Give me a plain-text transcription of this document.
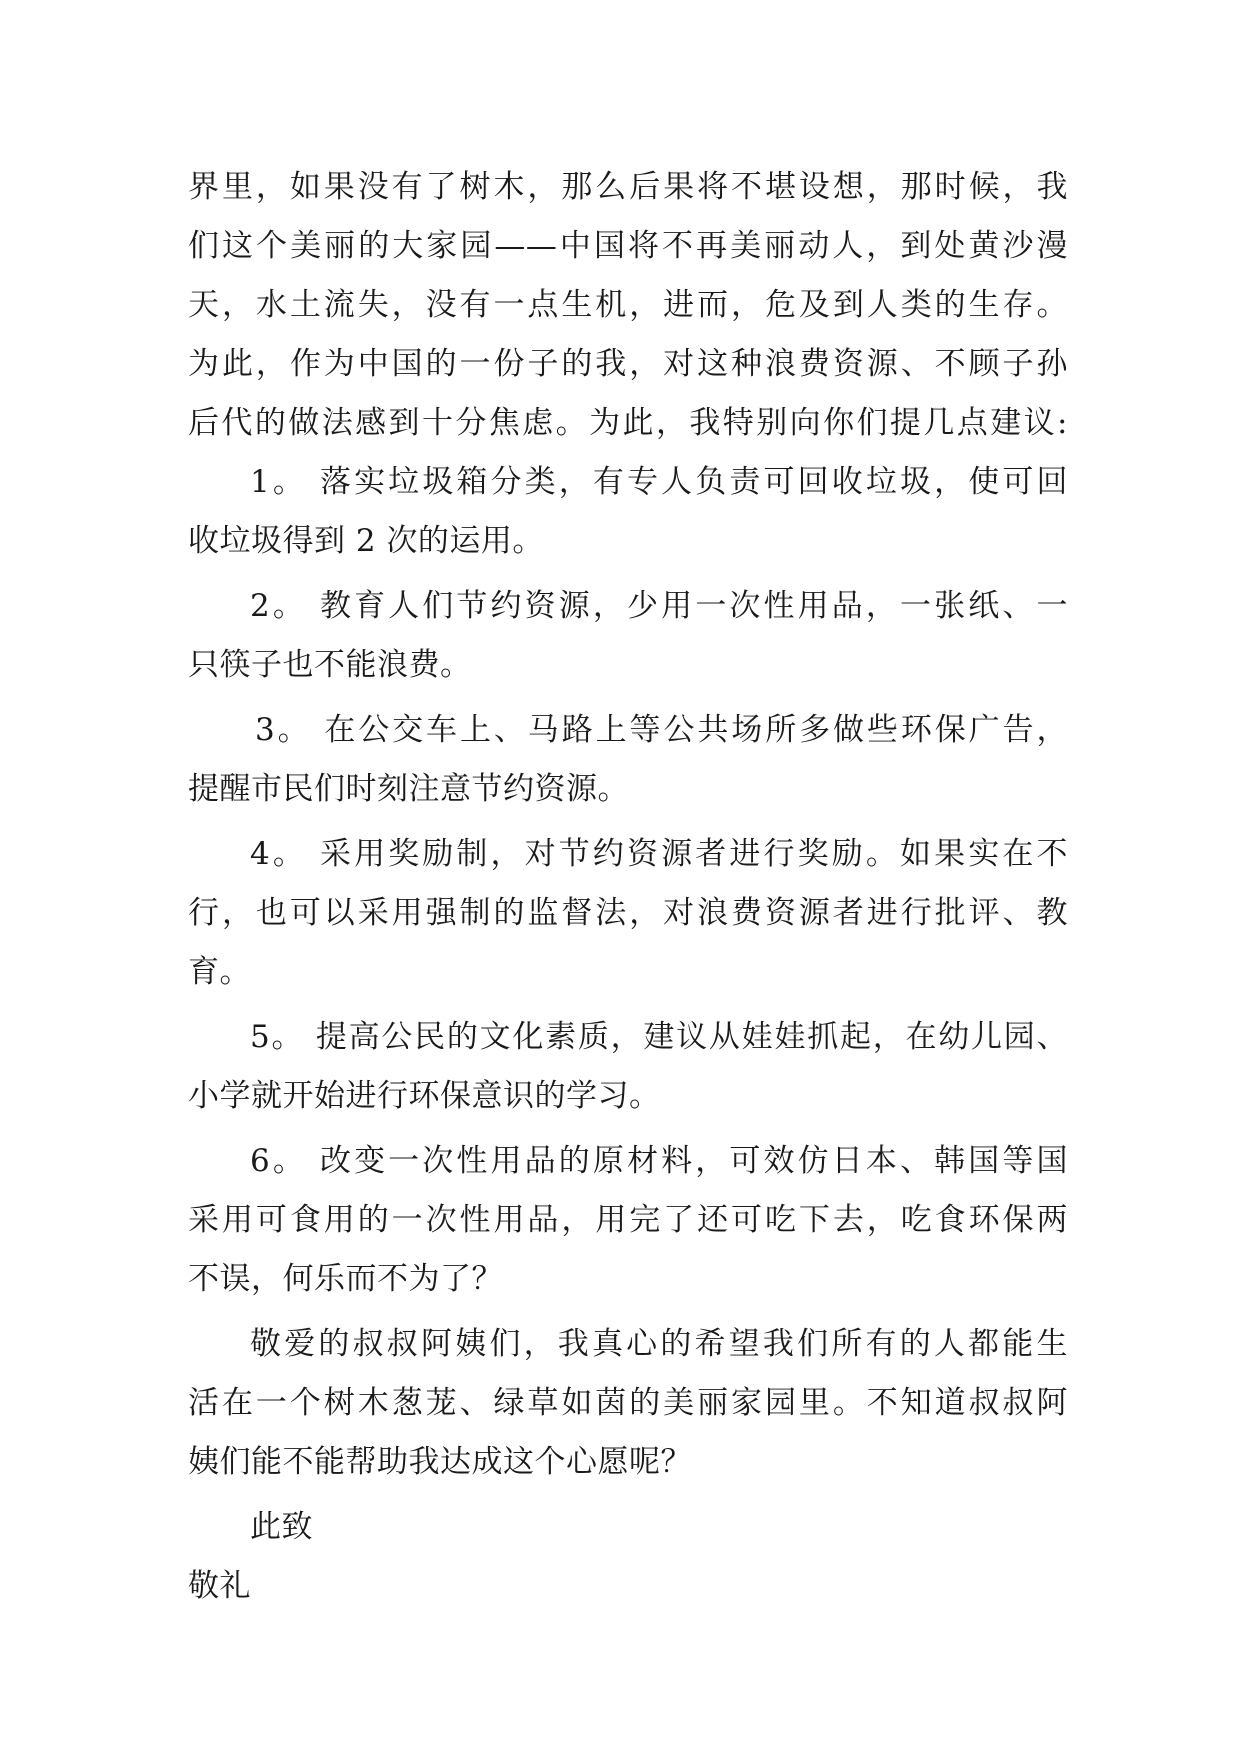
界里，如果没有了树木，那么后果将不堪设想，那时候，我
们这个美丽的大家园——中国将不再美丽动人，到处黄沙漫
天，水土流失，没有一点生机，进而，危及到人类的生存。
为此，作为中国的一份子的我，对这种浪费资源、不顾子孙
后代的做法感到十分焦虑。为此，我特别向你们提几点建议:
1。 落实垃圾箱分类，有专人负责可回收垃圾，使可回
收垃圾得到 2 次的运用。
2。 教育人们节约资源，少用一次性用品，一张纸、一
只筷子也不能浪费。
3。 在公交车上、马路上等公共场所多做些环保广告，
提醒市民们时刻注意节约资源。
4。 采用奖励制，对节约资源者进行奖励。如果实在不
行，也可以采用强制的监督法，对浪费资源者进行批评、教
育。
5。 提高公民的文化素质，建议从娃娃抓起，在幼儿园、
小学就开始进行环保意识的学习。
6。 改变一次性用品的原材料，可效仿日本、韩国等国
采用可食用的一次性用品，用完了还可吃下去，吃食环保两
不误，何乐而不为了？
敬爱的叔叔阿姨们，我真心的希望我们所有的人都能生
活在一个树木葱茏、绿草如茵的美丽家园里。不知道叔叔阿
姨们能不能帮助我达成这个心愿呢？
此致
敬礼
